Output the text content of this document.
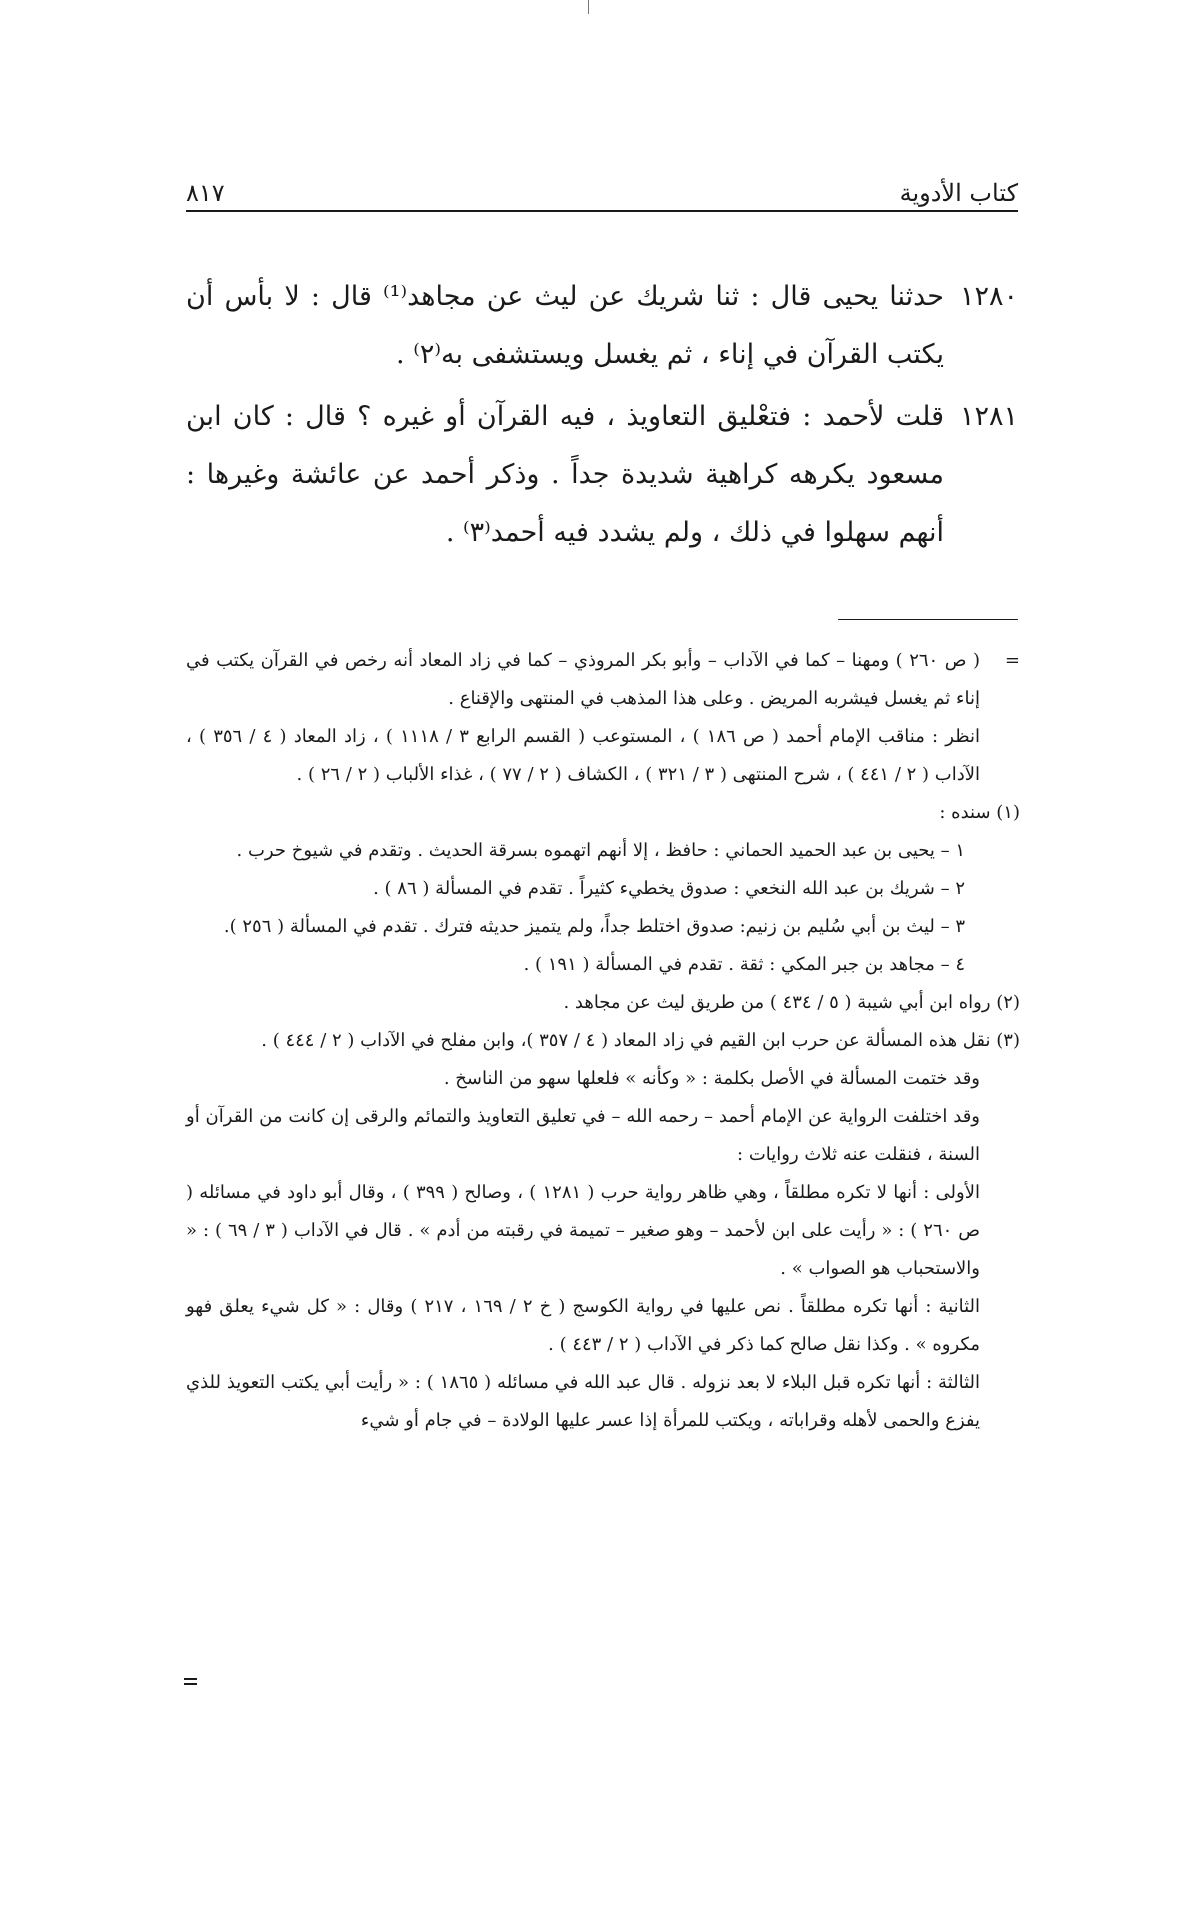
كتاب الأدوية
٨١٧

١٢٨٠
حدثنا يحيى قال : ثنا شريك عن ليث عن مجاهد⁽¹⁾ قال : لا بأس أن يكتب القرآن في إناء ، ثم يغسل ويستشفى به⁽٢⁾ .

١٢٨١
قلت لأحمد : فتعْليق التعاويذ ، فيه القرآن أو غيره ؟ قال : كان ابن مسعود يكرهه كراهية شديدة جداً . وذكر أحمد عن عائشة وغيرها : أنهم سهلوا في ذلك ، ولم يشدد فيه أحمد⁽٣⁾ .

=

( ص ٢٦٠ ) ومهنا – كما في الآداب – وأبو بكر المروذي – كما في زاد المعاد أنه رخص في القرآن يكتب في إناء ثم يغسل فيشربه المريض . وعلى هذا المذهب في المنتهى والإقناع .

انظر : مناقب الإمام أحمد ( ص ١٨٦ ) ، المستوعب ( القسم الرابع ٣ / ١١١٨ ) ، زاد المعاد ( ٤ / ٣٥٦ ) ، الآداب ( ٢ / ٤٤١ ) ، شرح المنتهى ( ٣ / ٣٢١ ) ، الكشاف ( ٢ / ٧٧ ) ، غذاء الألباب ( ٢ / ٢٦ ) .

(١) سنده :

١ – يحيى بن عبد الحميد الحماني : حافظ ، إلا أنهم اتهموه بسرقة الحديث . وتقدم في شيوخ حرب .

٢ – شريك بن عبد الله النخعي : صدوق يخطيء كثيراً . تقدم في المسألة ( ٨٦ ) .

٣ – ليث بن أبي سُليم بن زنيم: صدوق اختلط جداً، ولم يتميز حديثه فترك . تقدم في المسألة ( ٢٥٦ ).

٤ – مجاهد بن جبر المكي : ثقة . تقدم في المسألة ( ١٩١ ) .

(٢) رواه ابن أبي شيبة ( ٥ / ٤٣٤ ) من طريق ليث عن مجاهد .

(٣) نقل هذه المسألة عن حرب ابن القيم في زاد المعاد ( ٤ / ٣٥٧ )، وابن مفلح في الآداب ( ٢ / ٤٤٤ ) .

وقد ختمت المسألة في الأصل بكلمة : « وكأنه » فلعلها سهو من الناسخ .

وقد اختلفت الرواية عن الإمام أحمد – رحمه الله – في تعليق التعاويذ والتمائم والرقى إن كانت من القرآن أو السنة ، فنقلت عنه ثلاث روايات :

الأولى : أنها لا تكره مطلقاً ، وهي ظاهر رواية حرب ( ١٢٨١ ) ، وصالح ( ٣٩٩ ) ، وقال أبو داود في مسائله ( ص ٢٦٠ ) : « رأيت على ابن لأحمد – وهو صغير – تميمة في رقبته من أدم » . قال في الآداب ( ٣ / ٦٩ ) : « والاستحباب هو الصواب » .

الثانية : أنها تكره مطلقاً . نص عليها في رواية الكوسج ( خ ٢ / ١٦٩ ، ٢١٧ ) وقال : « كل شيء يعلق فهو مكروه » . وكذا نقل صالح كما ذكر في الآداب ( ٢ / ٤٤٣ ) .

الثالثة : أنها تكره قبل البلاء لا بعد نزوله . قال عبد الله في مسائله ( ١٨٦٥ ) : « رأيت أبي يكتب التعويذ للذي يفزع والحمى لأهله وقراباته ، ويكتب للمرأة إذا عسر عليها الولادة – في جام أو شيء
